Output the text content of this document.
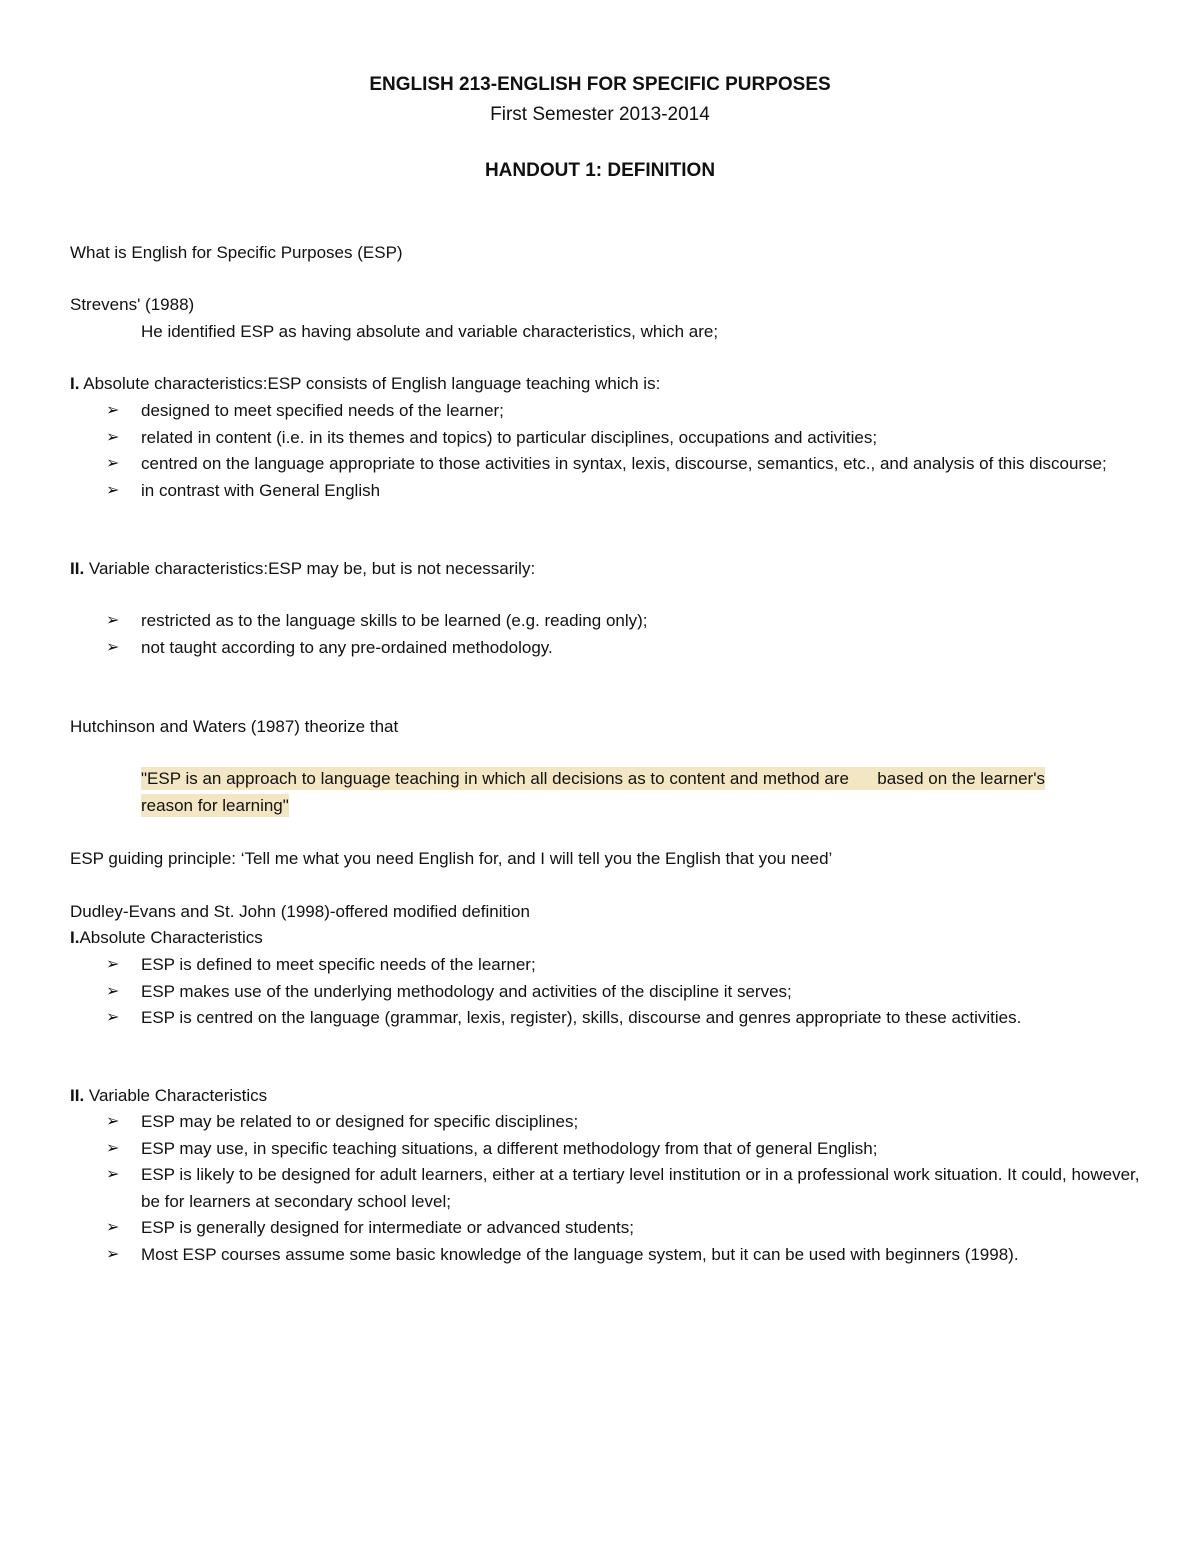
ENGLISH 213-ENGLISH FOR SPECIFIC PURPOSES
First Semester 2013-2014
HANDOUT 1: DEFINITION
What is English for Specific Purposes (ESP)
Strevens' (1988)
He identified ESP as having absolute and variable characteristics, which are;
I. Absolute characteristics:ESP consists of English language teaching which is:
➢	designed to meet specified needs of the learner;
➢	related in content (i.e. in its themes and topics) to particular disciplines, occupations and activities;
➢	centred on the language appropriate to those activities in syntax, lexis, discourse, semantics, etc., and analysis of this discourse;
➢	in contrast with General English
II. Variable characteristics:ESP may be, but is not necessarily:
➢	restricted as to the language skills to be learned (e.g. reading only);
➢	not taught according to any pre-ordained methodology.
Hutchinson and Waters (1987) theorize that
"ESP is an approach to language teaching in which all decisions as to content and method are      based on the learner's reason for learning"
ESP guiding principle: ‘Tell me what you need English for, and I will tell you the English that you need’
Dudley-Evans and St. John (1998)-offered modified definition
I.Absolute Characteristics
➢	ESP is defined to meet specific needs of the learner;
➢	ESP makes use of the underlying methodology and activities of the discipline it serves;
➢	ESP is centred on the language (grammar, lexis, register), skills, discourse and genres appropriate to these activities.
II. Variable Characteristics
➢	ESP may be related to or designed for specific disciplines;
➢	ESP may use, in specific teaching situations, a different methodology from that of general English;
➢	ESP is likely to be designed for adult learners, either at a tertiary level institution or in a professional work situation. It could, however, be for learners at secondary school level;
➢	ESP is generally designed for intermediate or advanced students;
➢	Most ESP courses assume some basic knowledge of the language system, but it can be used with beginners (1998).
